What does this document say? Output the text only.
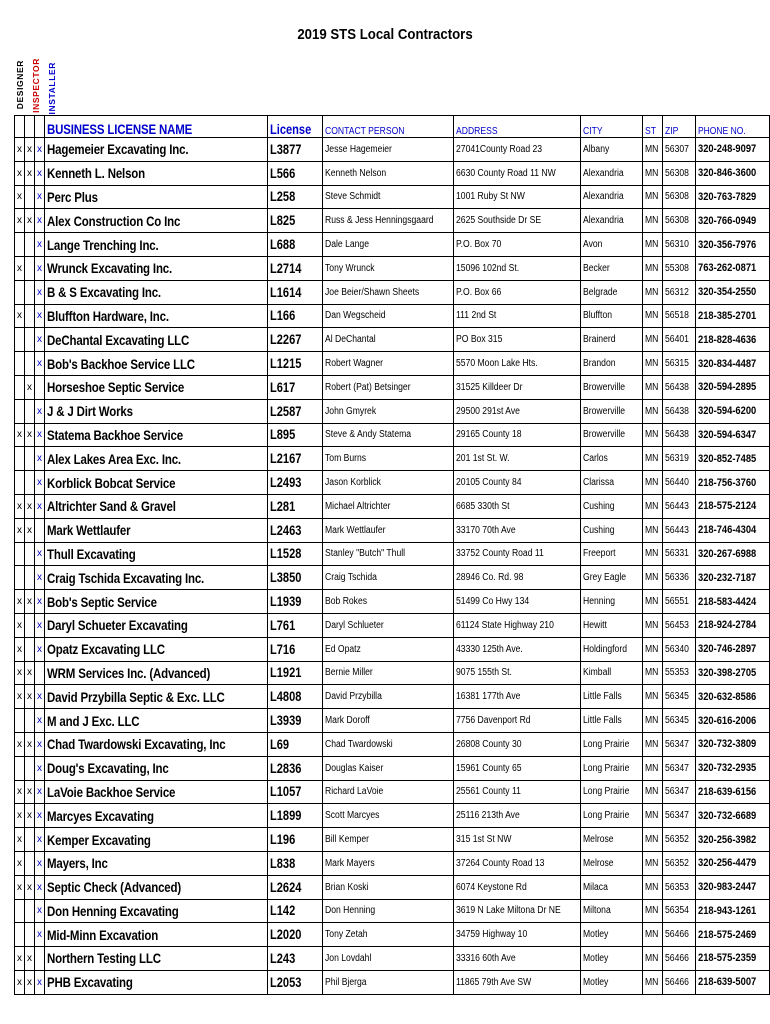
2019 STS Local Contractors
DESIGNER INSPECTOR INSTALLER
			BUSINESS LICENSE NAME	License	CONTACT PERSON	ADDRESS	CITY	ST	ZIP	PHONE NO.
x	x	x	Hagemeier Excavating Inc.	L3877	Jesse Hagemeier	27041County Road 23	Albany	MN	56307	320-248-9097
x	x	x	Kenneth L. Nelson	L566	Kenneth Nelson	6630 County Road 11 NW	Alexandria	MN	56308	320-846-3600
x		x	Perc Plus	L258	Steve Schmidt	1001 Ruby St NW	Alexandria	MN	56308	320-763-7829
x	x	x	Alex Construction Co Inc	L825	Russ & Jess Henningsgaard	2625 Southside Dr SE	Alexandria	MN	56308	320-766-0949
		x	Lange Trenching Inc.	L688	Dale Lange	P.O. Box 70	Avon	MN	56310	320-356-7976
x		x	Wrunck Excavating Inc.	L2714	Tony Wrunck	15096 102nd St.	Becker	MN	55308	763-262-0871
		x	B & S Excavating Inc.	L1614	Joe Beier/Shawn Sheets	P.O. Box 66	Belgrade	MN	56312	320-354-2550
x		x	Bluffton Hardware, Inc.	L166	Dan Wegscheid	111 2nd St	Bluffton	MN	56518	218-385-2701
		x	DeChantal Excavating LLC	L2267	Al DeChantal	PO Box 315	Brainerd	MN	56401	218-828-4636
		x	Bob's Backhoe Service LLC	L1215	Robert Wagner	5570 Moon Lake Hts.	Brandon	MN	56315	320-834-4487
	x		Horseshoe Septic Service	L617	Robert (Pat) Betsinger	31525 Killdeer Dr	Browerville	MN	56438	320-594-2895
		x	J & J Dirt Works	L2587	John Gmyrek	29500 291st Ave	Browerville	MN	56438	320-594-6200
x	x	x	Statema Backhoe Service	L895	Steve & Andy Statema	29165 County 18	Browerville	MN	56438	320-594-6347
		x	Alex Lakes Area Exc. Inc.	L2167	Tom Burns	201 1st St. W.	Carlos	MN	56319	320-852-7485
		x	Korblick Bobcat Service	L2493	Jason Korblick	20105 County 84	Clarissa	MN	56440	218-756-3760
x	x	x	Altrichter Sand & Gravel	L281	Michael Altrichter	6685 330th St	Cushing	MN	56443	218-575-2124
x	x		Mark Wettlaufer	L2463	Mark Wettlaufer	33170 70th Ave	Cushing	MN	56443	218-746-4304
		x	Thull Excavating	L1528	Stanley "Butch" Thull	33752 County Road 11	Freeport	MN	56331	320-267-6988
		x	Craig Tschida Excavating Inc.	L3850	Craig Tschida	28946 Co. Rd. 98	Grey Eagle	MN	56336	320-232-7187
x	x	x	Bob's Septic Service	L1939	Bob Rokes	51499 Co Hwy 134	Henning	MN	56551	218-583-4424
x		x	Daryl Schueter Excavating	L761	Daryl Schlueter	61124 State Highway 210	Hewitt	MN	56453	218-924-2784
x		x	Opatz Excavating LLC	L716	Ed Opatz	43330 125th Ave.	Holdingford	MN	56340	320-746-2897
x	x		WRM Services Inc. (Advanced)	L1921	Bernie Miller	9075 155th St.	Kimball	MN	55353	320-398-2705
x	x	x	David Przybilla Septic & Exc. LLC	L4808	David Przybilla	16381 177th Ave	Little Falls	MN	56345	320-632-8586
		x	M and J Exc. LLC	L3939	Mark Doroff	7756 Davenport Rd	Little Falls	MN	56345	320-616-2006
x	x	x	Chad Twardowski Excavating, Inc	L69	Chad Twardowski	26808 County 30	Long Prairie	MN	56347	320-732-3809
		x	Doug's Excavating, Inc	L2836	Douglas Kaiser	15961 County 65	Long Prairie	MN	56347	320-732-2935
x	x	x	LaVoie Backhoe Service	L1057	Richard LaVoie	25561 County 11	Long Prairie	MN	56347	218-639-6156
x	x	x	Marcyes Excavating	L1899	Scott Marcyes	25116 213th Ave	Long Prairie	MN	56347	320-732-6689
x		x	Kemper Excavating	L196	Bill Kemper	315 1st St NW	Melrose	MN	56352	320-256-3982
x		x	Mayers, Inc	L838	Mark Mayers	37264 County Road 13	Melrose	MN	56352	320-256-4479
x	x	x	Septic Check (Advanced)	L2624	Brian Koski	6074 Keystone Rd	Milaca	MN	56353	320-983-2447
		x	Don Henning Excavating	L142	Don Henning	3619 N Lake Miltona Dr NE	Miltona	MN	56354	218-943-1261
		x	Mid-Minn Excavation	L2020	Tony Zetah	34759 Highway 10	Motley	MN	56466	218-575-2469
x	x		Northern Testing LLC	L243	Jon Lovdahl	33316 60th Ave	Motley	MN	56466	218-575-2359
x	x	x	PHB Excavating	L2053	Phil Bjerga	11865 79th Ave SW	Motley	MN	56466	218-639-5007
